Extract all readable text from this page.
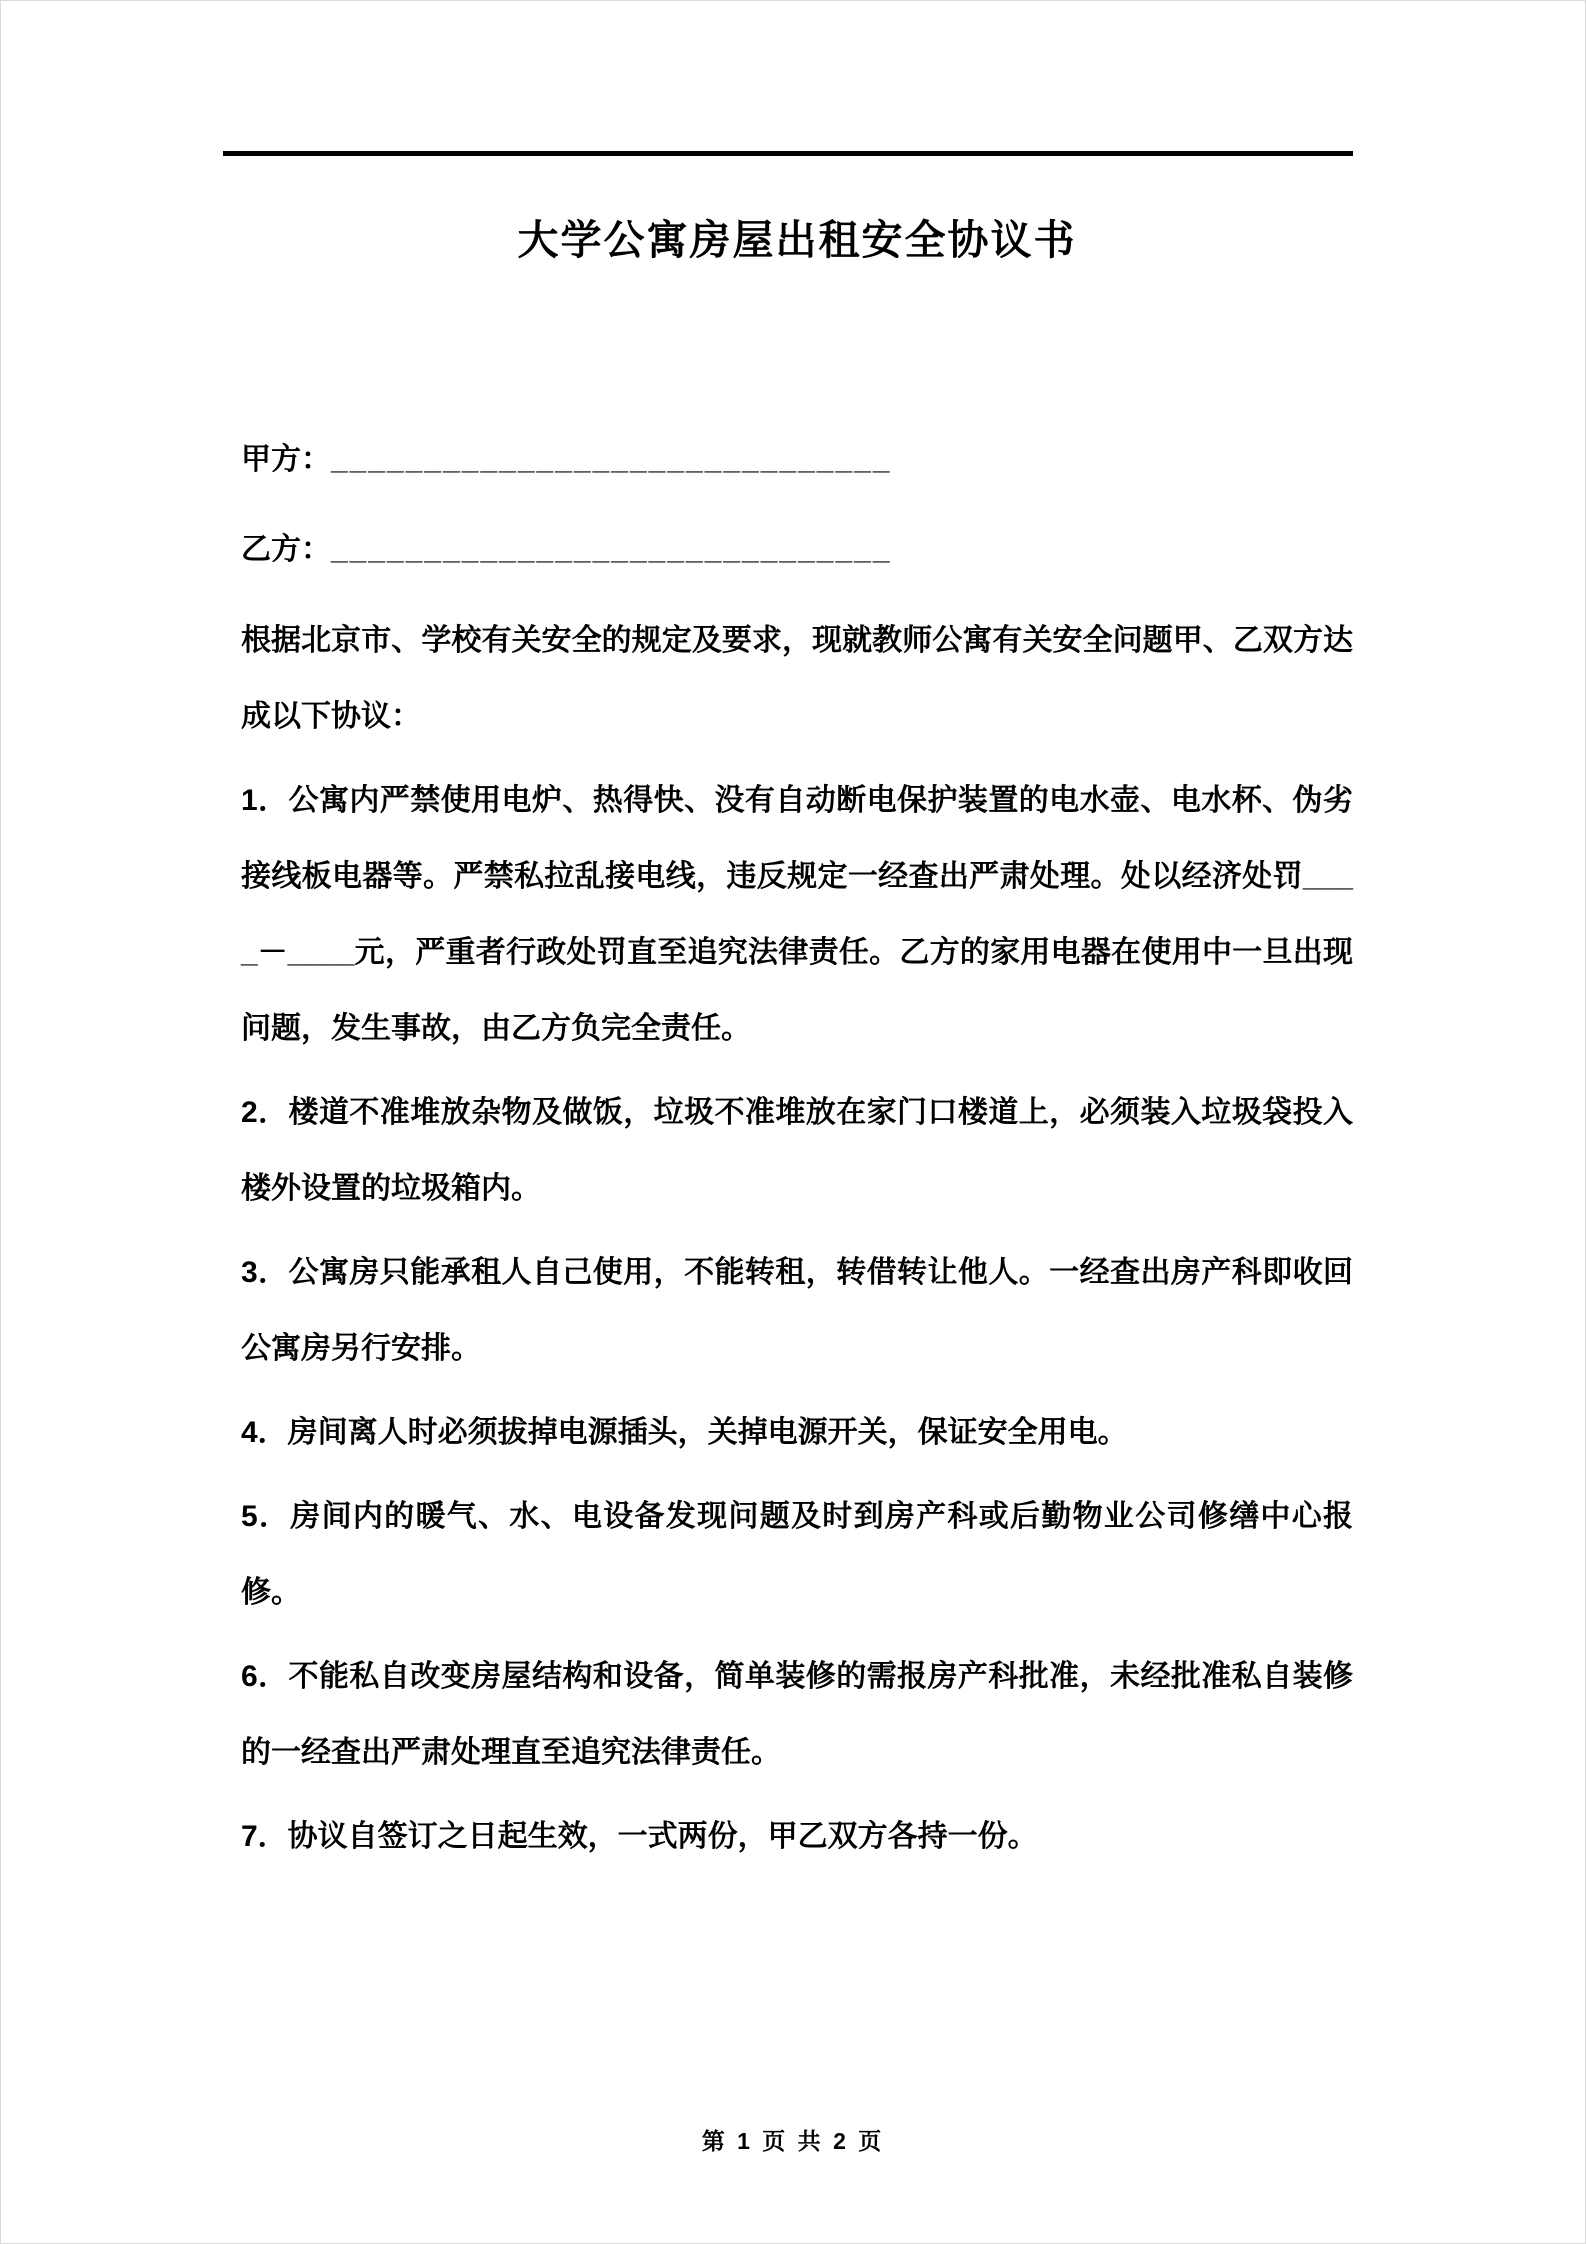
大学公寓房屋出租安全协议书

甲方：______________________________

乙方：______________________________

根据北京市、学校有关安全的规定及要求，现就教师公寓有关安全问题甲、乙双方达成以下协议：

1．公寓内严禁使用电炉、热得快、没有自动断电保护装置的电水壶、电水杯、伪劣接线板电器等。严禁私拉乱接电线，违反规定一经查出严肃处理。处以经济处罚____－____元，严重者行政处罚直至追究法律责任。乙方的家用电器在使用中一旦出现问题，发生事故，由乙方负完全责任。

2．楼道不准堆放杂物及做饭，垃圾不准堆放在家门口楼道上，必须装入垃圾袋投入楼外设置的垃圾箱内。

3．公寓房只能承租人自己使用，不能转租，转借转让他人。一经查出房产科即收回公寓房另行安排。

4．房间离人时必须拔掉电源插头，关掉电源开关，保证安全用电。

5．房间内的暖气、水、电设备发现问题及时到房产科或后勤物业公司修缮中心报修。

6．不能私自改变房屋结构和设备，简单装修的需报房产科批准，未经批准私自装修的一经查出严肃处理直至追究法律责任。

7．协议自签订之日起生效，一式两份，甲乙双方各持一份。

第 1 页 共 2 页
